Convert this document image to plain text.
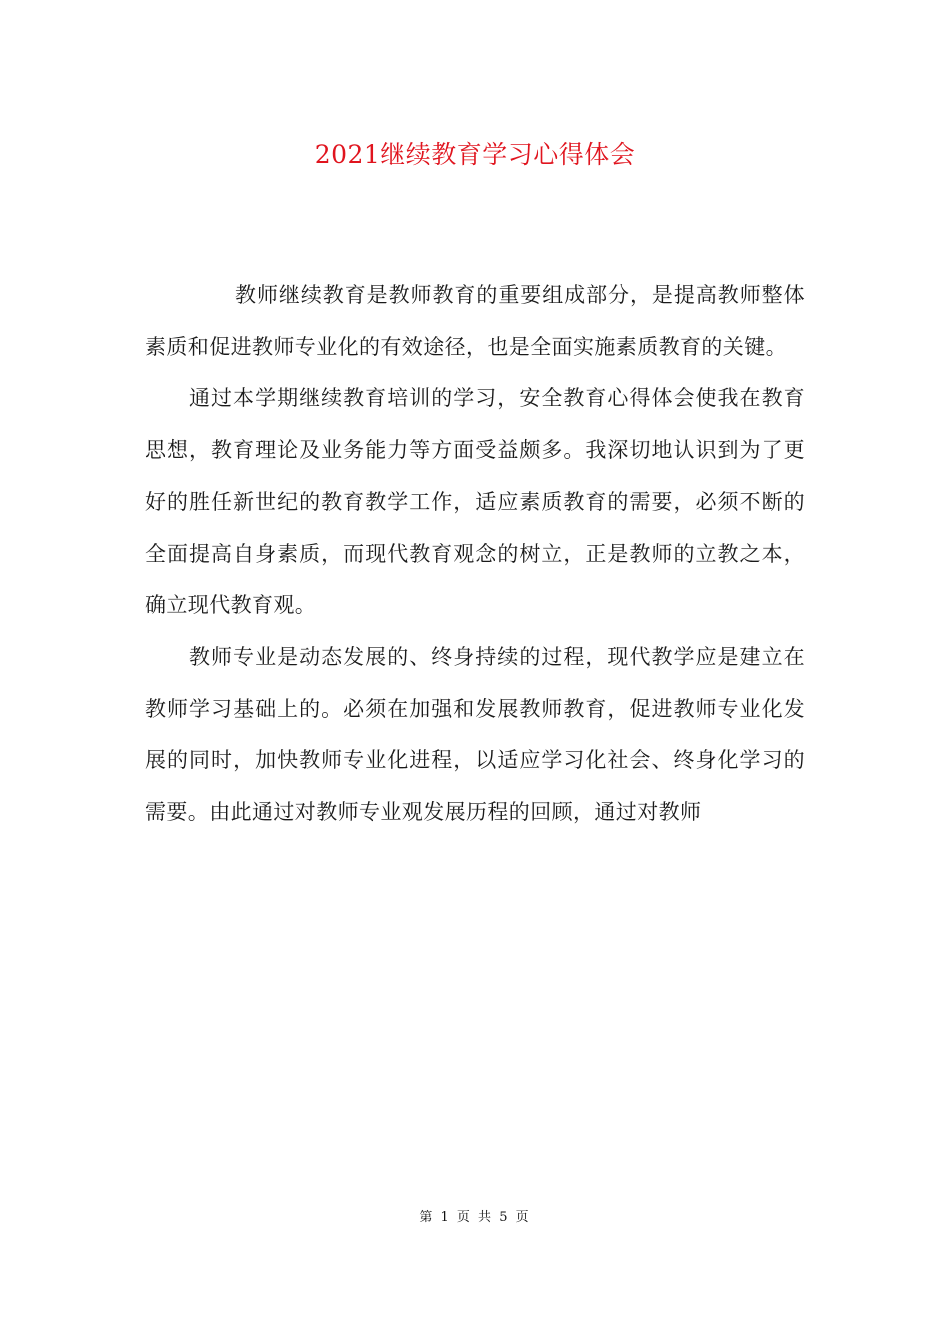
2021继续教育学习心得体会

教师继续教育是教师教育的重要组成部分，是提高教师整体素质和促进教师专业化的有效途径，也是全面实施素质教育的关键。

通过本学期继续教育培训的学习，安全教育心得体会使我在教育思想，教育理论及业务能力等方面受益颇多。我深切地认识到为了更好的胜任新世纪的教育教学工作，适应素质教育的需要，必须不断的全面提高自身素质，而现代教育观念的树立，正是教师的立教之本，确立现代教育观。

教师专业是动态发展的、终身持续的过程，现代教学应是建立在教师学习基础上的。必须在加强和发展教师教育，促进教师专业化发展的同时，加快教师专业化进程，以适应学习化社会、终身化学习的需要。由此通过对教师专业观发展历程的回顾，通过对教师

第 1 页 共 5 页
